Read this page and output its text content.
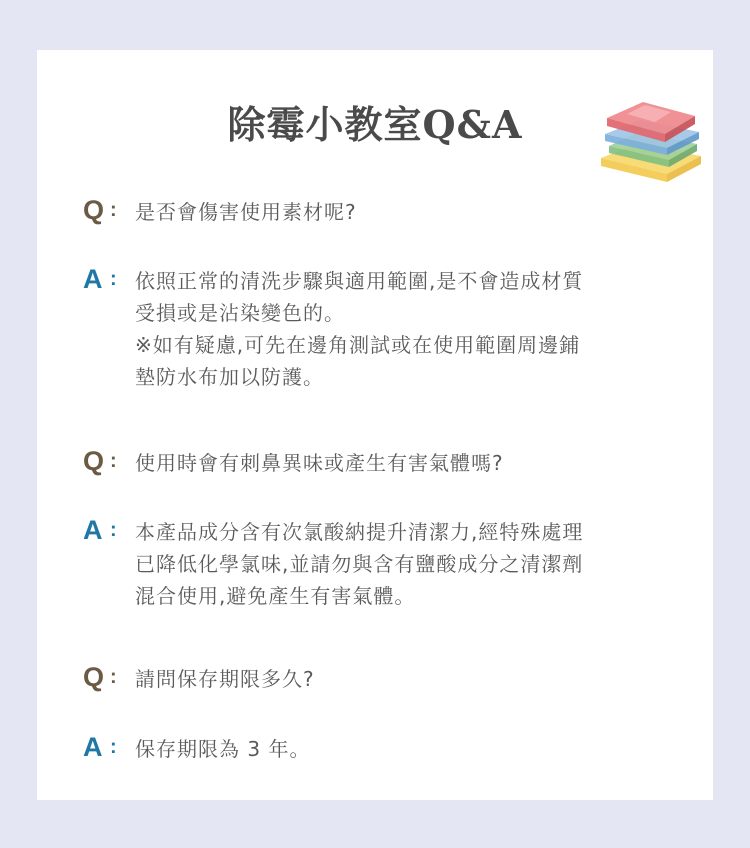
除霉小教室Q&A
Q : 是否會傷害使用素材呢?

A : 依照正常的清洗步驟與適用範圍,是不會造成材質

受損或是沾染變色的。

※如有疑慮,可先在邊角測試或在使用範圍周邊鋪

墊防水布加以防護。

Q : 使用時會有刺鼻異味或產生有害氣體嗎?

A : 本產品成分含有次氯酸納提升清潔力,經特殊處理

已降低化學氯味,並請勿與含有鹽酸成分之清潔劑

混合使用,避免產生有害氣體。

Q : 請問保存期限多久?

A : 保存期限為 3 年。
